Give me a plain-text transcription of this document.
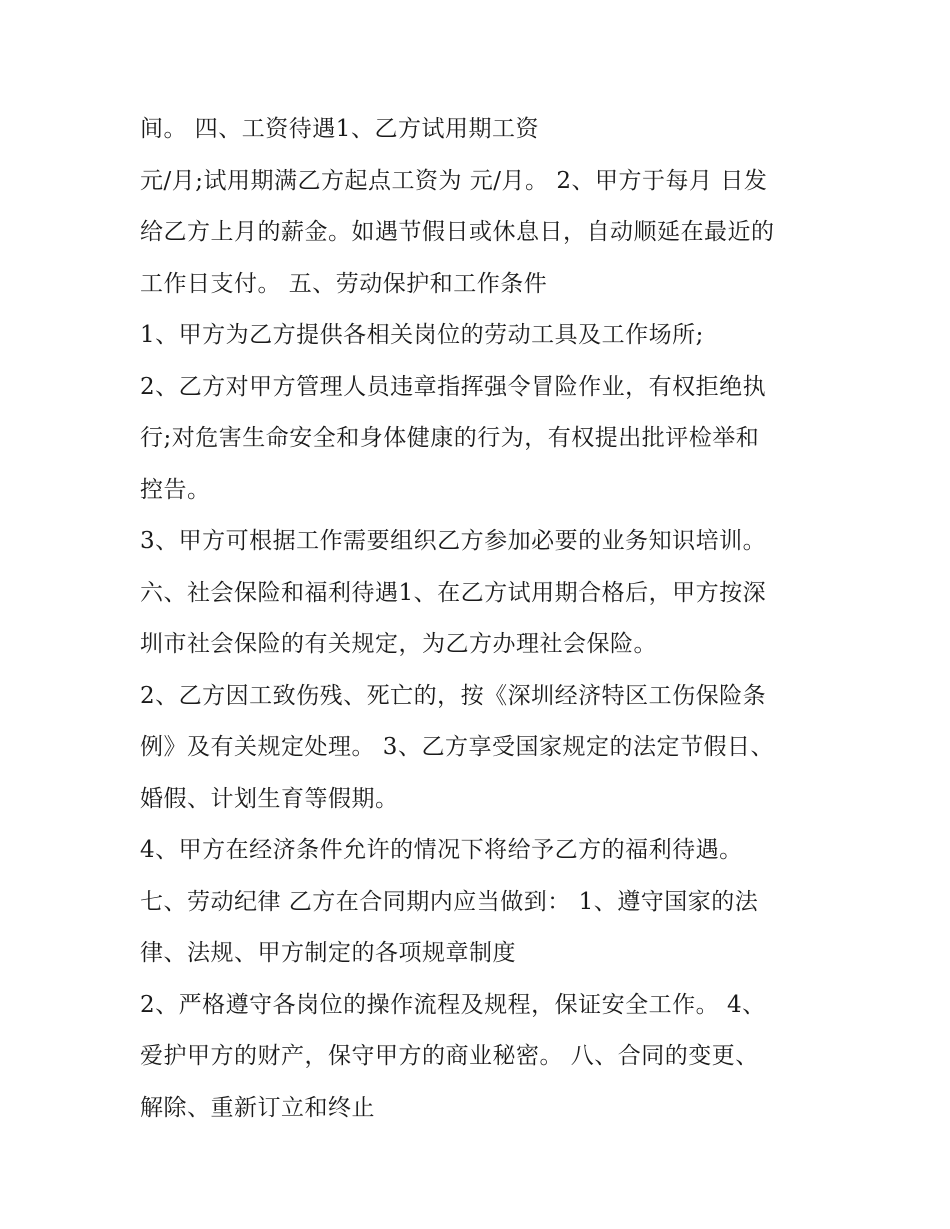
间。 四、工资待遇1、乙方试用期工资
元/月;试用期满乙方起点工资为 元/月。 2、甲方于每月 日发
给乙方上月的薪金。如遇节假日或休息日，自动顺延在最近的
工作日支付。 五、劳动保护和工作条件
1、甲方为乙方提供各相关岗位的劳动工具及工作场所;
2、乙方对甲方管理人员违章指挥强令冒险作业，有权拒绝执
行;对危害生命安全和身体健康的行为，有权提出批评检举和
控告。
3、甲方可根据工作需要组织乙方参加必要的业务知识培训。
六、社会保险和福利待遇1、在乙方试用期合格后，甲方按深
圳市社会保险的有关规定，为乙方办理社会保险。
2、乙方因工致伤残、死亡的，按《深圳经济特区工伤保险条
例》及有关规定处理。 3、乙方享受国家规定的法定节假日、
婚假、计划生育等假期。
4、甲方在经济条件允许的情况下将给予乙方的福利待遇。
七、劳动纪律 乙方在合同期内应当做到： 1、遵守国家的法
律、法规、甲方制定的各项规章制度
2、严格遵守各岗位的操作流程及规程，保证安全工作。 4、
爱护甲方的财产，保守甲方的商业秘密。 八、合同的变更、
解除、重新订立和终止
